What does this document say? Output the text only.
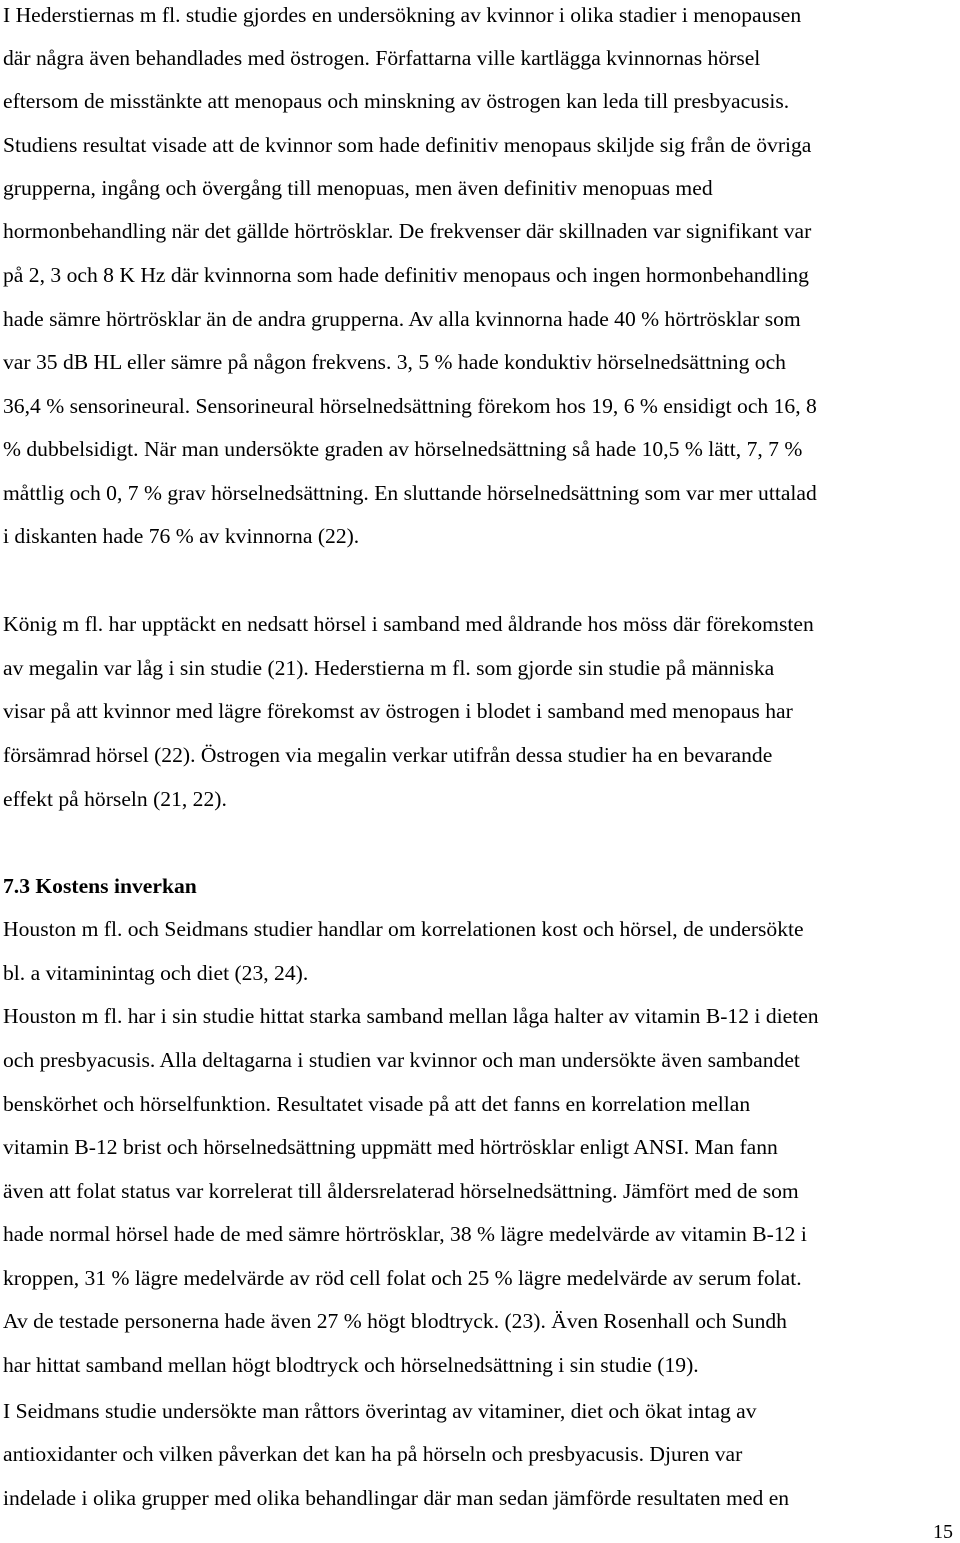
I Hederstiernas m fl. studie gjordes en undersökning av kvinnor i olika stadier i menopausen
där några även behandlades med östrogen. Författarna ville kartlägga kvinnornas hörsel
eftersom de misstänkte att menopaus och minskning av östrogen kan leda till presbyacusis.
Studiens resultat visade att de kvinnor som hade definitiv menopaus skiljde sig från de övriga
grupperna, ingång och övergång till menopuas, men även definitiv menopuas med
hormonbehandling när det gällde hörtrösklar. De frekvenser där skillnaden var signifikant var
på 2, 3 och 8 K Hz där kvinnorna som hade definitiv menopaus och ingen hormonbehandling
hade sämre hörtrösklar än de andra grupperna. Av alla kvinnorna hade 40 % hörtrösklar som
var 35 dB HL eller sämre på någon frekvens. 3, 5 % hade konduktiv hörselnedsättning och
36,4 % sensorineural. Sensorineural hörselnedsättning förekom hos 19, 6 % ensidigt och 16, 8
% dubbelsidigt. När man undersökte graden av hörselnedsättning så hade 10,5 % lätt, 7, 7 %
måttlig och 0, 7 % grav hörselnedsättning. En sluttande hörselnedsättning som var mer uttalad
i diskanten hade 76 % av kvinnorna (22).
König m fl. har upptäckt en nedsatt hörsel i samband med åldrande hos möss där förekomsten
av megalin var låg i sin studie (21). Hederstierna m fl. som gjorde sin studie på människa
visar på att kvinnor med lägre förekomst av östrogen i blodet i samband med menopaus har
försämrad hörsel (22). Östrogen via megalin verkar utifrån dessa studier ha en bevarande
effekt på hörseln (21, 22).
7.3 Kostens inverkan
Houston m fl. och Seidmans studier handlar om korrelationen kost och hörsel, de undersökte
bl. a vitaminintag och diet (23, 24).
Houston m fl. har i sin studie hittat starka samband mellan låga halter av vitamin B-12 i dieten
och presbyacusis. Alla deltagarna i studien var kvinnor och man undersökte även sambandet
benskörhet och hörselfunktion. Resultatet visade på att det fanns en korrelation mellan
vitamin B-12 brist och hörselnedsättning uppmätt med hörtrösklar enligt ANSI. Man fann
även att folat status var korrelerat till åldersrelaterad hörselnedsättning. Jämfört med de som
hade normal hörsel hade de med sämre hörtrösklar, 38 % lägre medelvärde av vitamin B-12 i
kroppen, 31 % lägre medelvärde av röd cell folat och 25 % lägre medelvärde av serum folat.
Av de testade personerna hade även 27 % högt blodtryck. (23). Även Rosenhall och Sundh
har hittat samband mellan högt blodtryck och hörselnedsättning i sin studie (19).
I Seidmans studie undersökte man råttors överintag av vitaminer, diet och ökat intag av
antioxidanter och vilken påverkan det kan ha på hörseln och presbyacusis. Djuren var
indelade i olika grupper med olika behandlingar där man sedan jämförde resultaten med en
15
